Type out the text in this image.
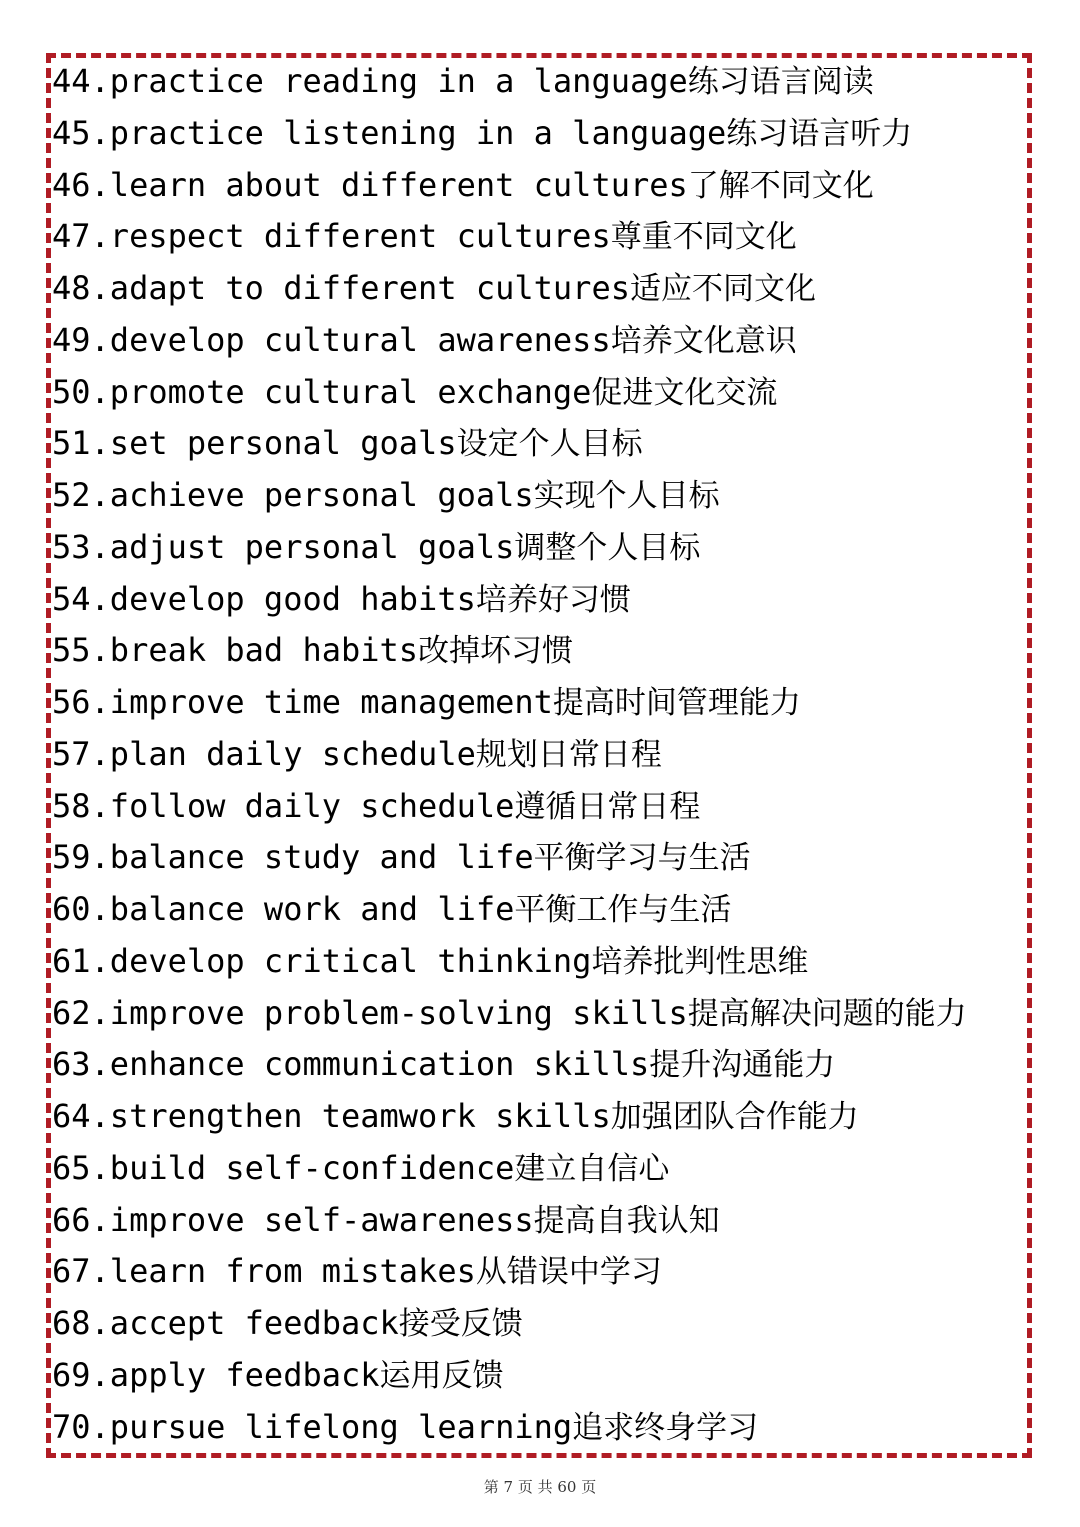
44.practice reading in a language练习语言阅读
45.practice listening in a language练习语言听力
46.learn about different cultures了解不同文化
47.respect different cultures尊重不同文化
48.adapt to different cultures适应不同文化
49.develop cultural awareness培养文化意识
50.promote cultural exchange促进文化交流
51.set personal goals设定个人目标
52.achieve personal goals实现个人目标
53.adjust personal goals调整个人目标
54.develop good habits培养好习惯
55.break bad habits改掉坏习惯
56.improve time management提高时间管理能力
57.plan daily schedule规划日常日程
58.follow daily schedule遵循日常日程
59.balance study and life平衡学习与生活
60.balance work and life平衡工作与生活
61.develop critical thinking培养批判性思维
62.improve problem-solving skills提高解决问题的能力
63.enhance communication skills提升沟通能力
64.strengthen teamwork skills加强团队合作能力
65.build self-confidence建立自信心
66.improve self-awareness提高自我认知
67.learn from mistakes从错误中学习
68.accept feedback接受反馈
69.apply feedback运用反馈
70.pursue lifelong learning追求终身学习
第 7 页 共 60 页
